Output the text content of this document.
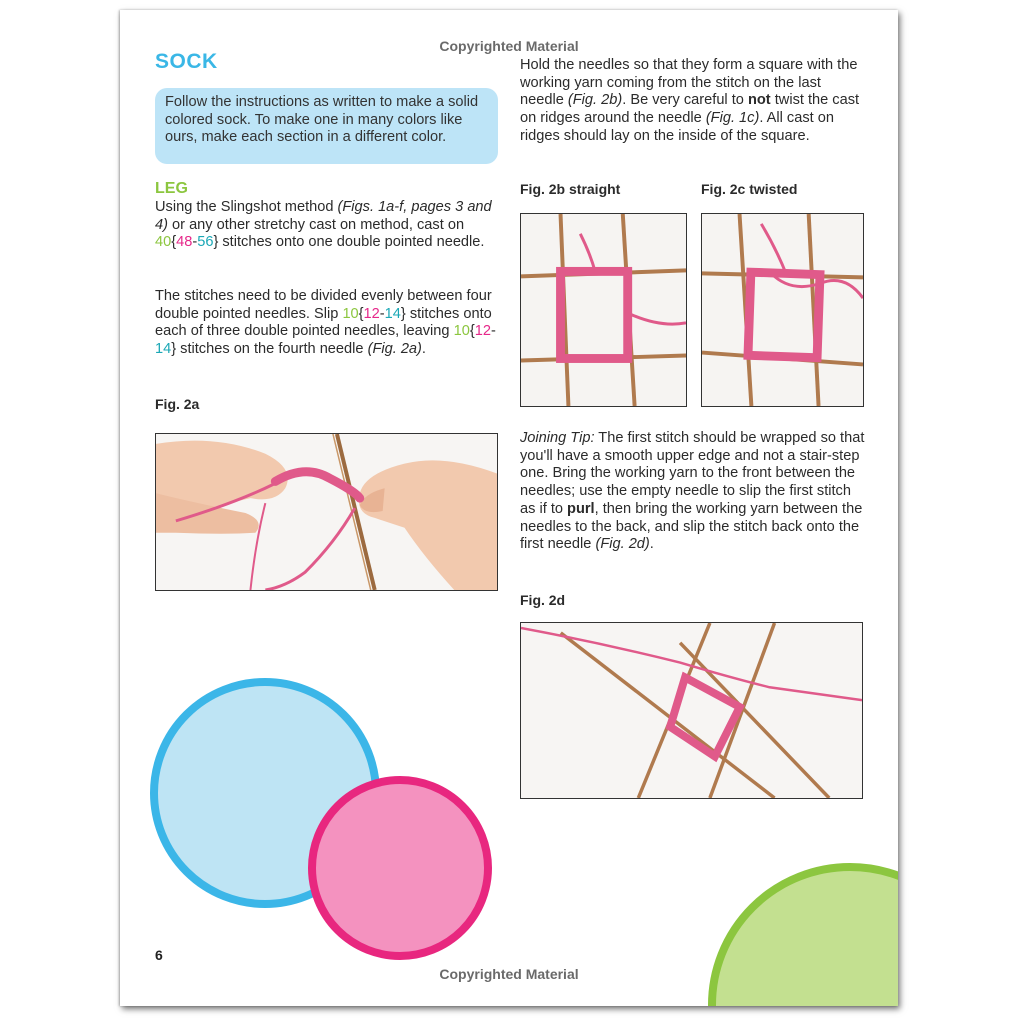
Copyrighted Material
SOCK
Follow the instructions as written to make a solid colored sock. To make one in many colors like ours, make each section in a different color.
LEG
Using the Slingshot method (Figs. 1a-f, pages 3 and 4) or any other stretchy cast on method, cast on 40{48-56} stitches onto one double pointed needle.
The stitches need to be divided evenly between four double pointed needles. Slip 10{12-14} stitches onto each of three double pointed needles, leaving 10{12-14} stitches on the fourth needle (Fig. 2a).
Fig. 2a
6
Hold the needles so that they form a square with the working yarn coming from the stitch on the last needle (Fig. 2b). Be very careful to not twist the cast on ridges around the needle (Fig. 1c). All cast on ridges should lay on the inside of the square.
Fig. 2b straight	Fig. 2c twisted
Joining Tip: The first stitch should be wrapped so that you'll have a smooth upper edge and not a stair-step one. Bring the working yarn to the front between the needles; use the empty needle to slip the first stitch as if to purl, then bring the working yarn between the needles to the back, and slip the stitch back onto the first needle (Fig. 2d).
Fig. 2d
Copyrighted Material
